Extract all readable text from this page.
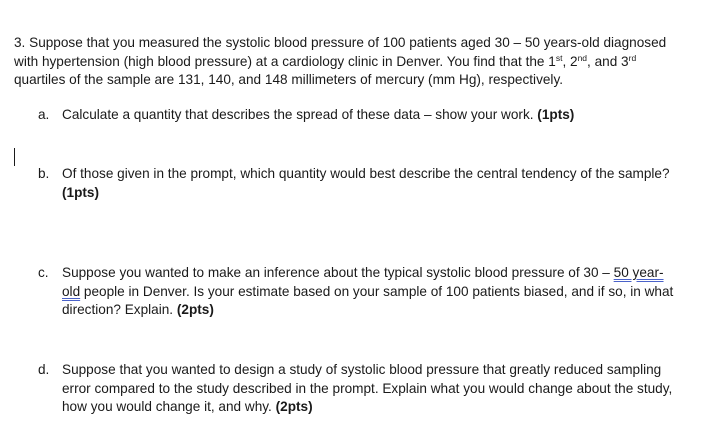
3. Suppose that you measured the systolic blood pressure of 100 patients aged 30 – 50 years-old diagnosed with hypertension (high blood pressure) at a cardiology clinic in Denver. You find that the 1st, 2nd, and 3rd quartiles of the sample are 131, 140, and 148 millimeters of mercury (mm Hg), respectively.
a. Calculate a quantity that describes the spread of these data – show your work. (1pts)
b. Of those given in the prompt, which quantity would best describe the central tendency of the sample? (1pts)
c. Suppose you wanted to make an inference about the typical systolic blood pressure of 30 – 50 year-old people in Denver. Is your estimate based on your sample of 100 patients biased, and if so, in what direction? Explain. (2pts)
d. Suppose that you wanted to design a study of systolic blood pressure that greatly reduced sampling error compared to the study described in the prompt. Explain what you would change about the study, how you would change it, and why. (2pts)
